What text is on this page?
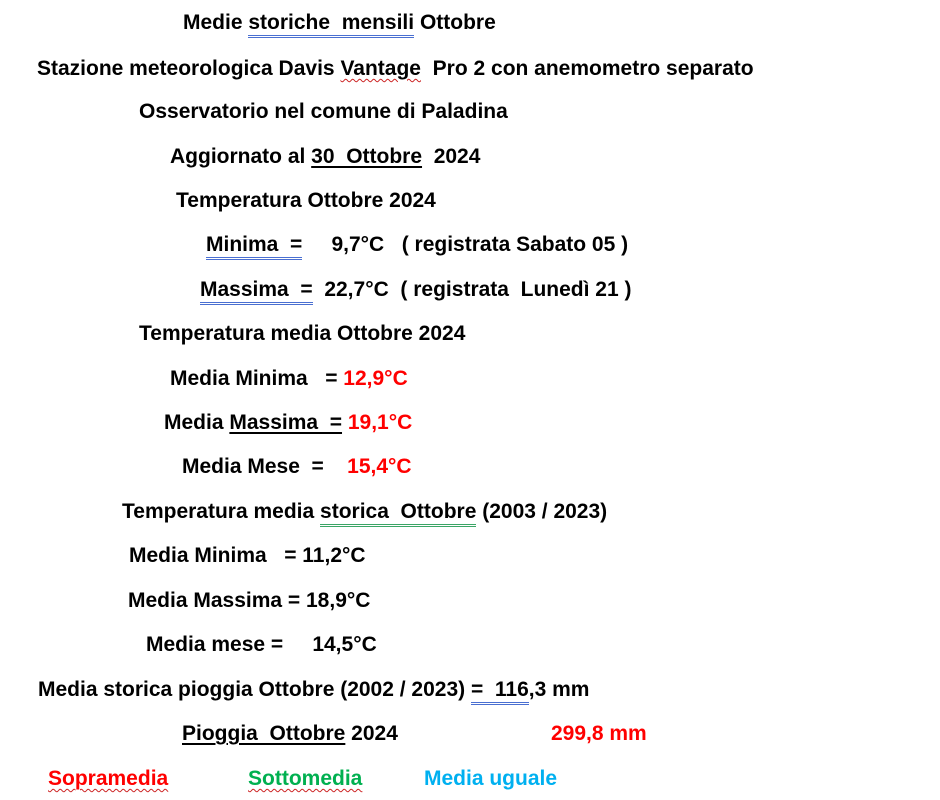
Medie storiche mensili Ottobre
Stazione meteorologica Davis Vantage  Pro 2 con anemometro separato
Osservatorio nel comune di Paladina
Aggiornato al 30  Ottobre  2024
Temperatura Ottobre 2024
Minima  =     9,7°C   ( registrata Sabato 05 )
Massima  =  22,7°C  ( registrata  Lunedì 21 )
Temperatura media Ottobre 2024
Media Minima   = 12,9°C
Media Massima  = 19,1°C
Media Mese  =    15,4°C
Temperatura media storica  Ottobre (2003 / 2023)
Media Minima   = 11,2°C
Media Massima = 18,9°C
Media mese =     14,5°C
Media storica pioggia Ottobre (2002 / 2023) =  116,3 mm
Pioggia  Ottobre 2024	299,8 mm
Sopramedia	Sottomedia	Media uguale
